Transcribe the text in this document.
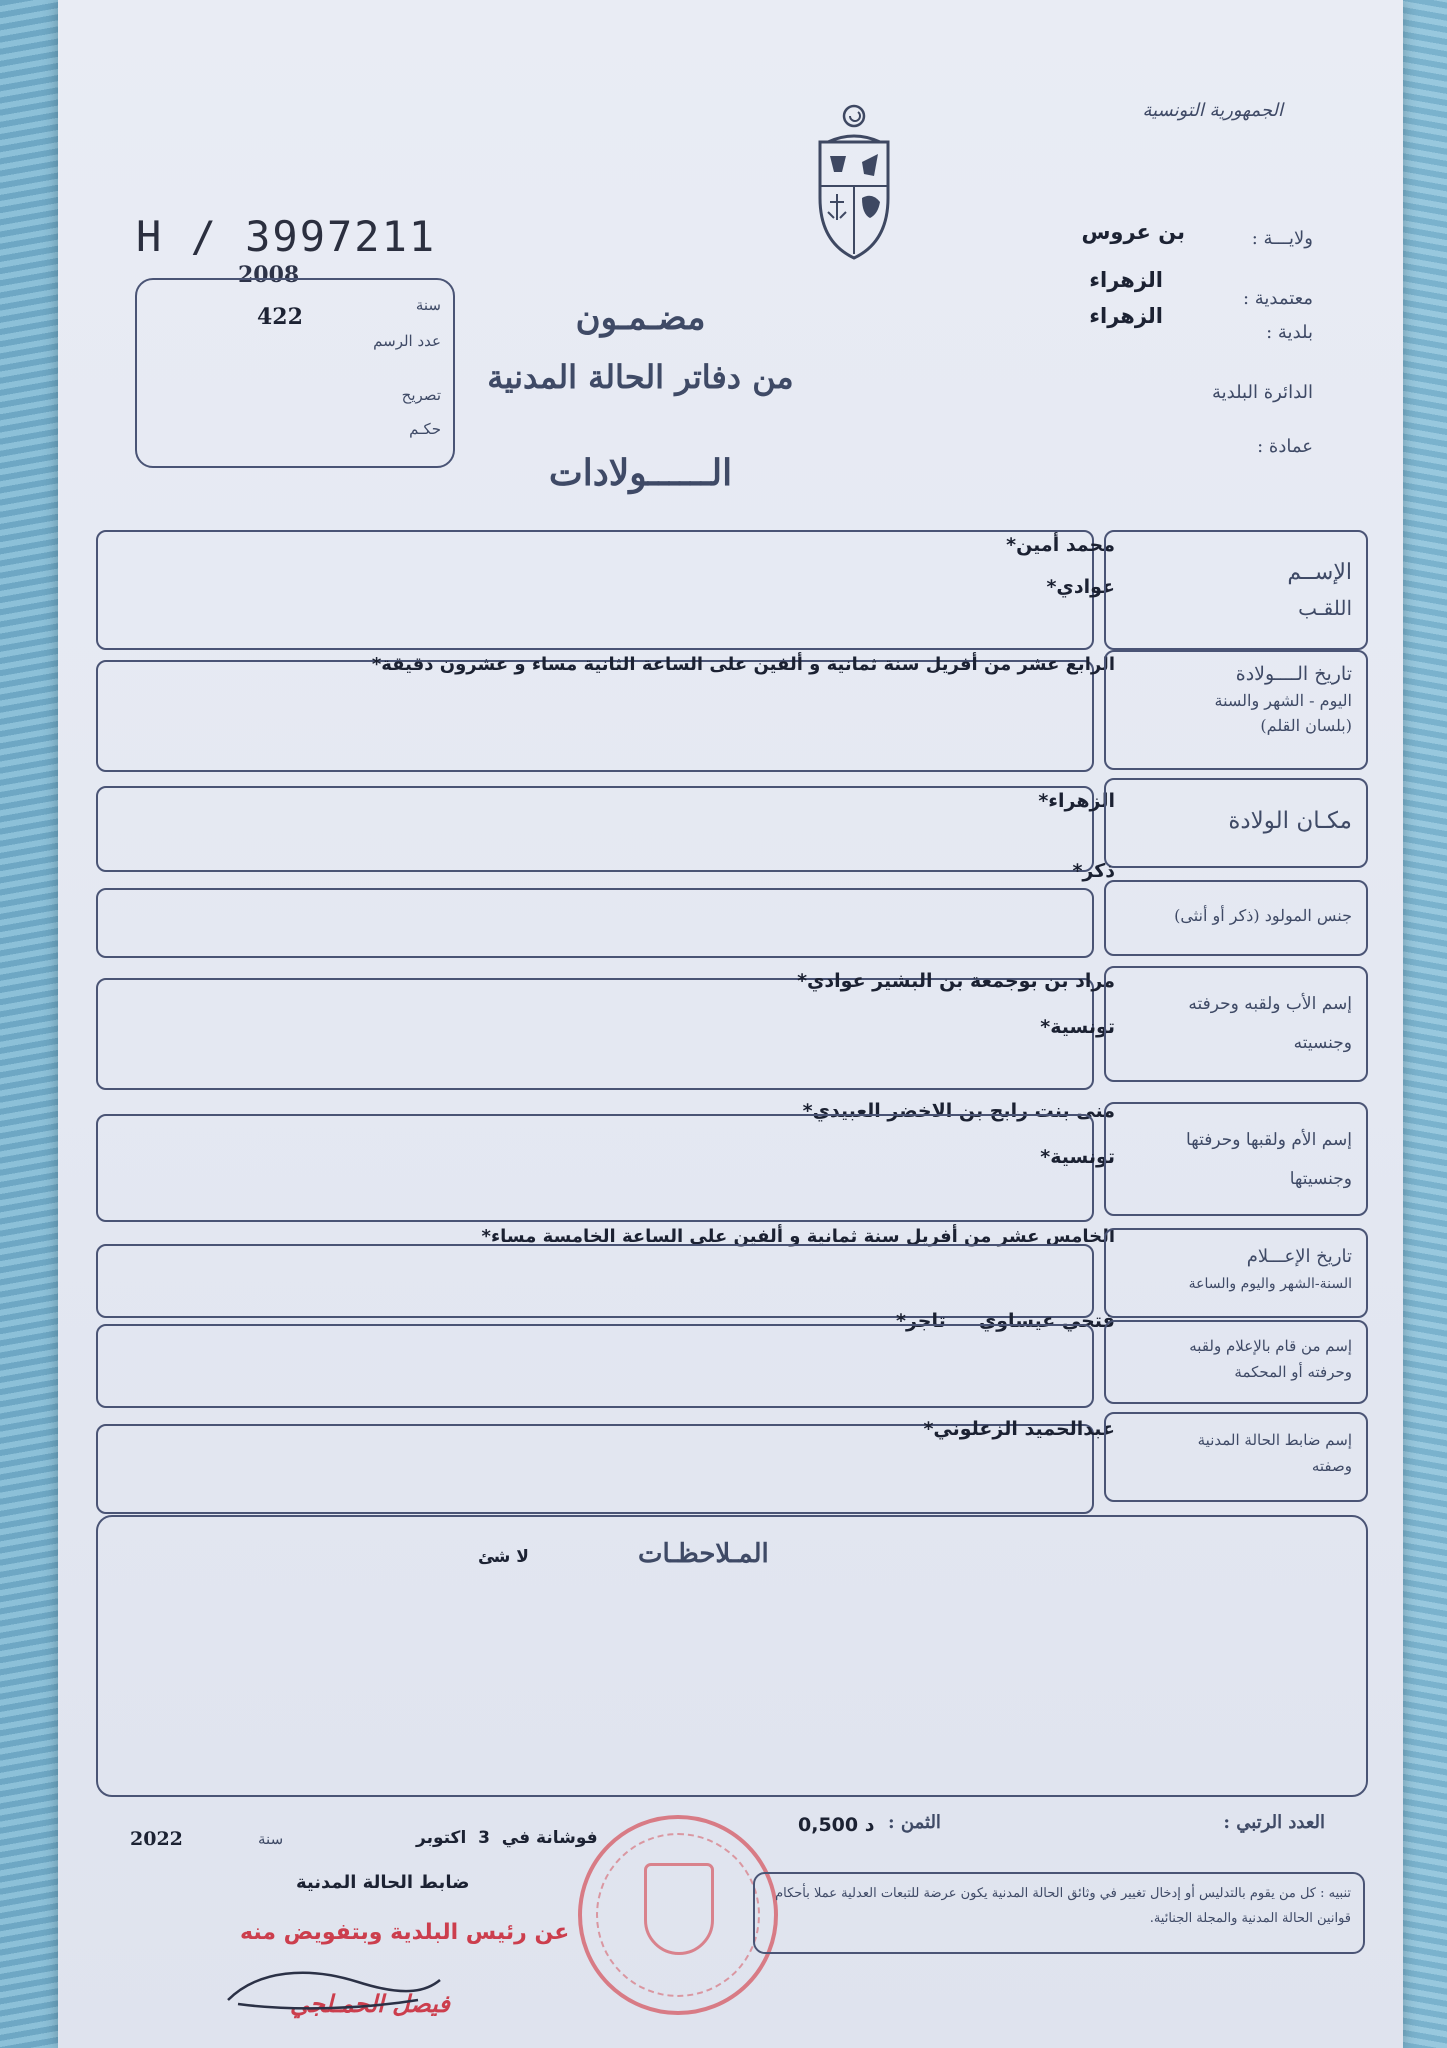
الجمهورية التونسية
H / 3997211
2008
سنة
422
عدد الرسم
تصريح
حكـم
مضـمـون
من دفاتر الحالة المدنية
الــــــولادات
ولايـــة :
بن عروس
الزهراء
معتمدية :
الزهراء
بلدية :
الدائرة البلدية
عمادة :
محمد أمين*
عوادي*
الإســم
اللقـب
الرابع عشر من أفريل سنة ثمانية و ألفين على الساعة الثانية مساء و عشرون دقيقة*	تاريخ الــــولادة
اليوم - الشهر والسنة
(بلسان القلم)
الزهراء*
مكـان الولادة
ذكر*
جنس المولود (ذكر أو أنثى)
مراد بن بوجمعة بن البشير عوادي*
تونسية*
إسم الأب ولقبه وحرفته
وجنسيته
منى بنت رابح بن الاخضر العبيدي*
تونسية*
إسم الأم ولقبها وحرفتها
وجنسيتها
الخامس عشر من أفريل سنة ثمانية و ألفين على الساعة الخامسة مساء*
تاريخ الإعـــلام
السنة-الشهر واليوم والساعة
فتحي عيساوي     تاجر*
إسم من قام بالإعلام ولقبه
وحرفته أو المحكمة
عبدالحميد الزعلوني*	إسم ضابط الحالة المدنية
وصفته
المـلاحظـات
لا شئ
العدد الرتبي :
الثمن :
0,500 د
فوشانة في  3  اكتوبر
سنة
2022
ضابط الحالة المدنية
عن رئيس البلدية وبتفويض منه
فيصل الحمـلجي
تنبيه : كل من يقوم بالتدليس أو إدخال تغيير في وثائق الحالة المدنية يكون عرضة للتبعات العدلية عملا بأحكام قوانين الحالة المدنية والمجلة الجنائية.
